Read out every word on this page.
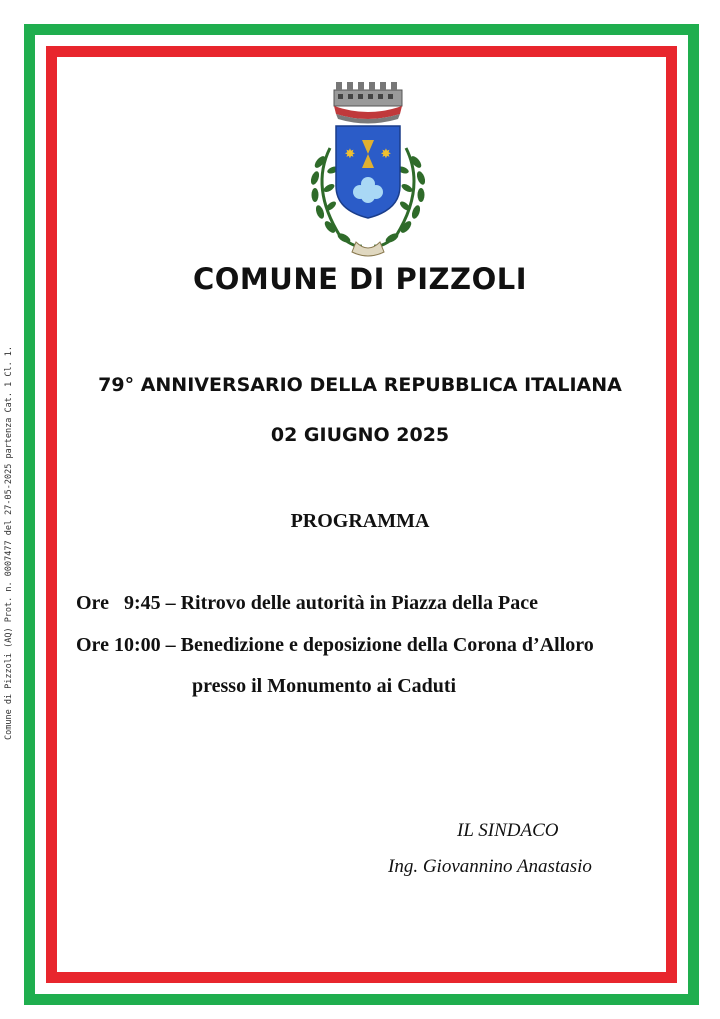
Comune di Pizzoli (AQ) Prot. n. 0007477 del 27-05-2025 partenza Cat. 1 Cl. 1.
✸ ✸
COMUNE DI PIZZOLI
79° ANNIVERSARIO DELLA REPUBBLICA ITALIANA
02 GIUGNO 2025
PROGRAMMA
Ore   9:45 – Ritrovo delle autorità in Piazza della Pace
Ore 10:00 – Benedizione e deposizione della Corona d’Alloro
presso il Monumento ai Caduti
IL SINDACO
Ing. Giovannino Anastasio
